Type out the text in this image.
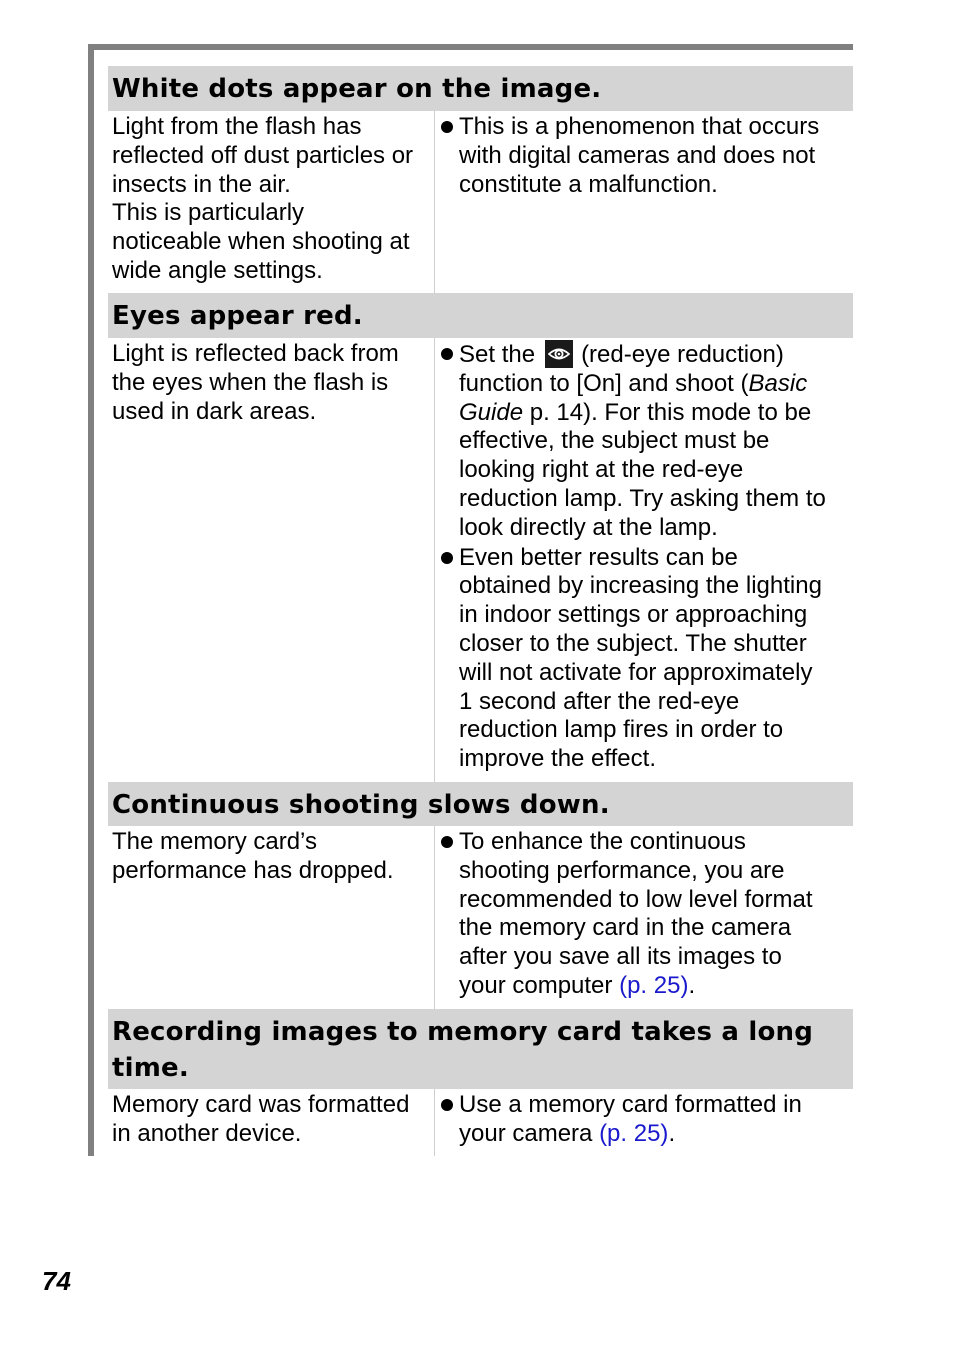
White dots appear on the image.
Light from the flash has
reflected off dust particles or
insects in the air.
This is particularly
noticeable when shooting at
wide angle settings.
This is a phenomenon that occurs
with digital cameras and does not
constitute a malfunction.
Eyes appear red.
Light is reflected back from
the eyes when the flash is
used in dark areas.
Set the (red-eye reduction)
function to [On] and shoot (Basic
Guide p. 14). For this mode to be
effective, the subject must be
looking right at the red-eye
reduction lamp. Try asking them to
look directly at the lamp.
Even better results can be
obtained by increasing the lighting
in indoor settings or approaching
closer to the subject. The shutter
will not activate for approximately
1 second after the red-eye
reduction lamp fires in order to
improve the effect.
Continuous shooting slows down.
The memory card’s
performance has dropped.
To enhance the continuous
shooting performance, you are
recommended to low level format
the memory card in the camera
after you save all its images to
your computer (p. 25).
Recording images to memory card takes a long
time.
Memory card was formatted
in another device.
Use a memory card formatted in
your camera (p. 25).
74
